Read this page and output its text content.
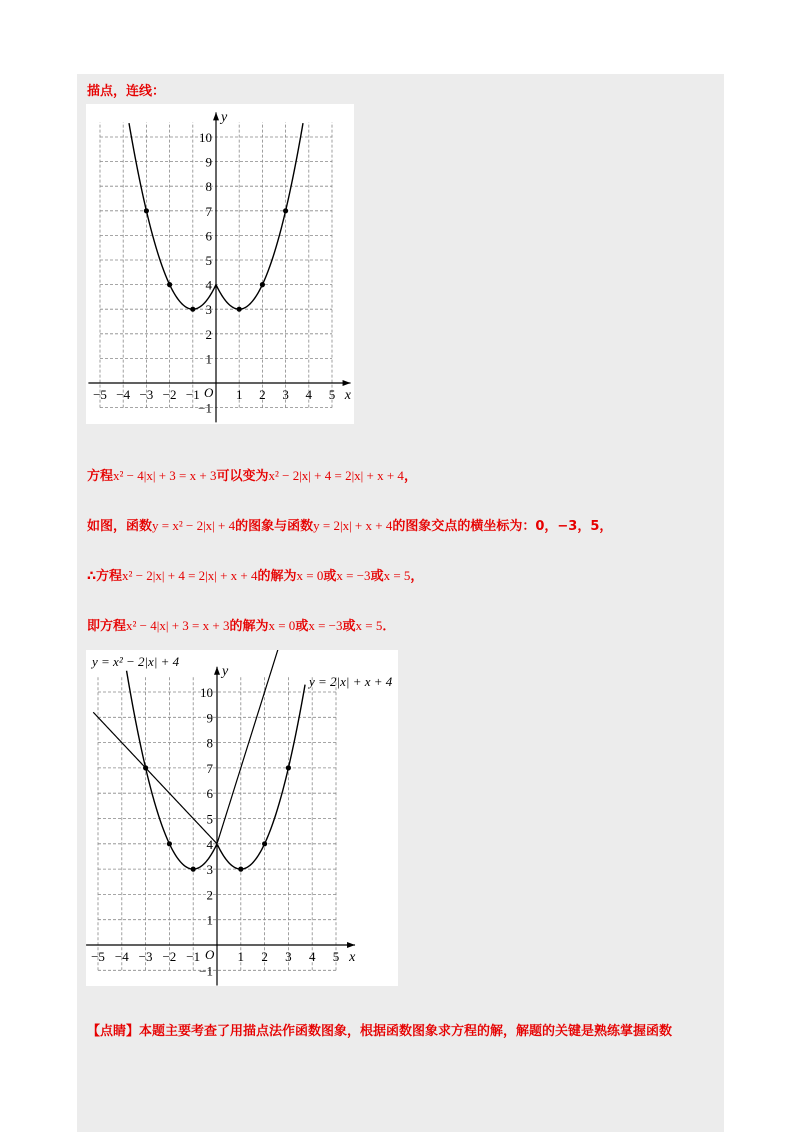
描点，连线：
x
y
O
−5 −4 −3 −2 −1	1 2 3 4 5
10
9
8
7
6
5
4
3
2
1
−1
方程x² − 4|x| + 3 = x + 3可以变为x² − 2|x| + 4 = 2|x| + x + 4，
如图，函数y = x² − 2|x| + 4的图象与函数y = 2|x| + x + 4的图象交点的横坐标为：0，−3，5，
∴方程x² − 2|x| + 4 = 2|x| + x + 4的解为x = 0或x = −3或x = 5，
即方程x² − 4|x| + 3 = x + 3的解为x = 0或x = −3或x = 5．
x
y
O
−5 −4 −3 −2 −1	1 2 3 4 5
10
9
8
7
6
5
4
3
2
1
−1
y = x² − 2|x| + 4
y = 2|x| + x + 4
【点睛】本题主要考查了用描点法作函数图象，根据函数图象求方程的解，解题的关键是熟练掌握函数
